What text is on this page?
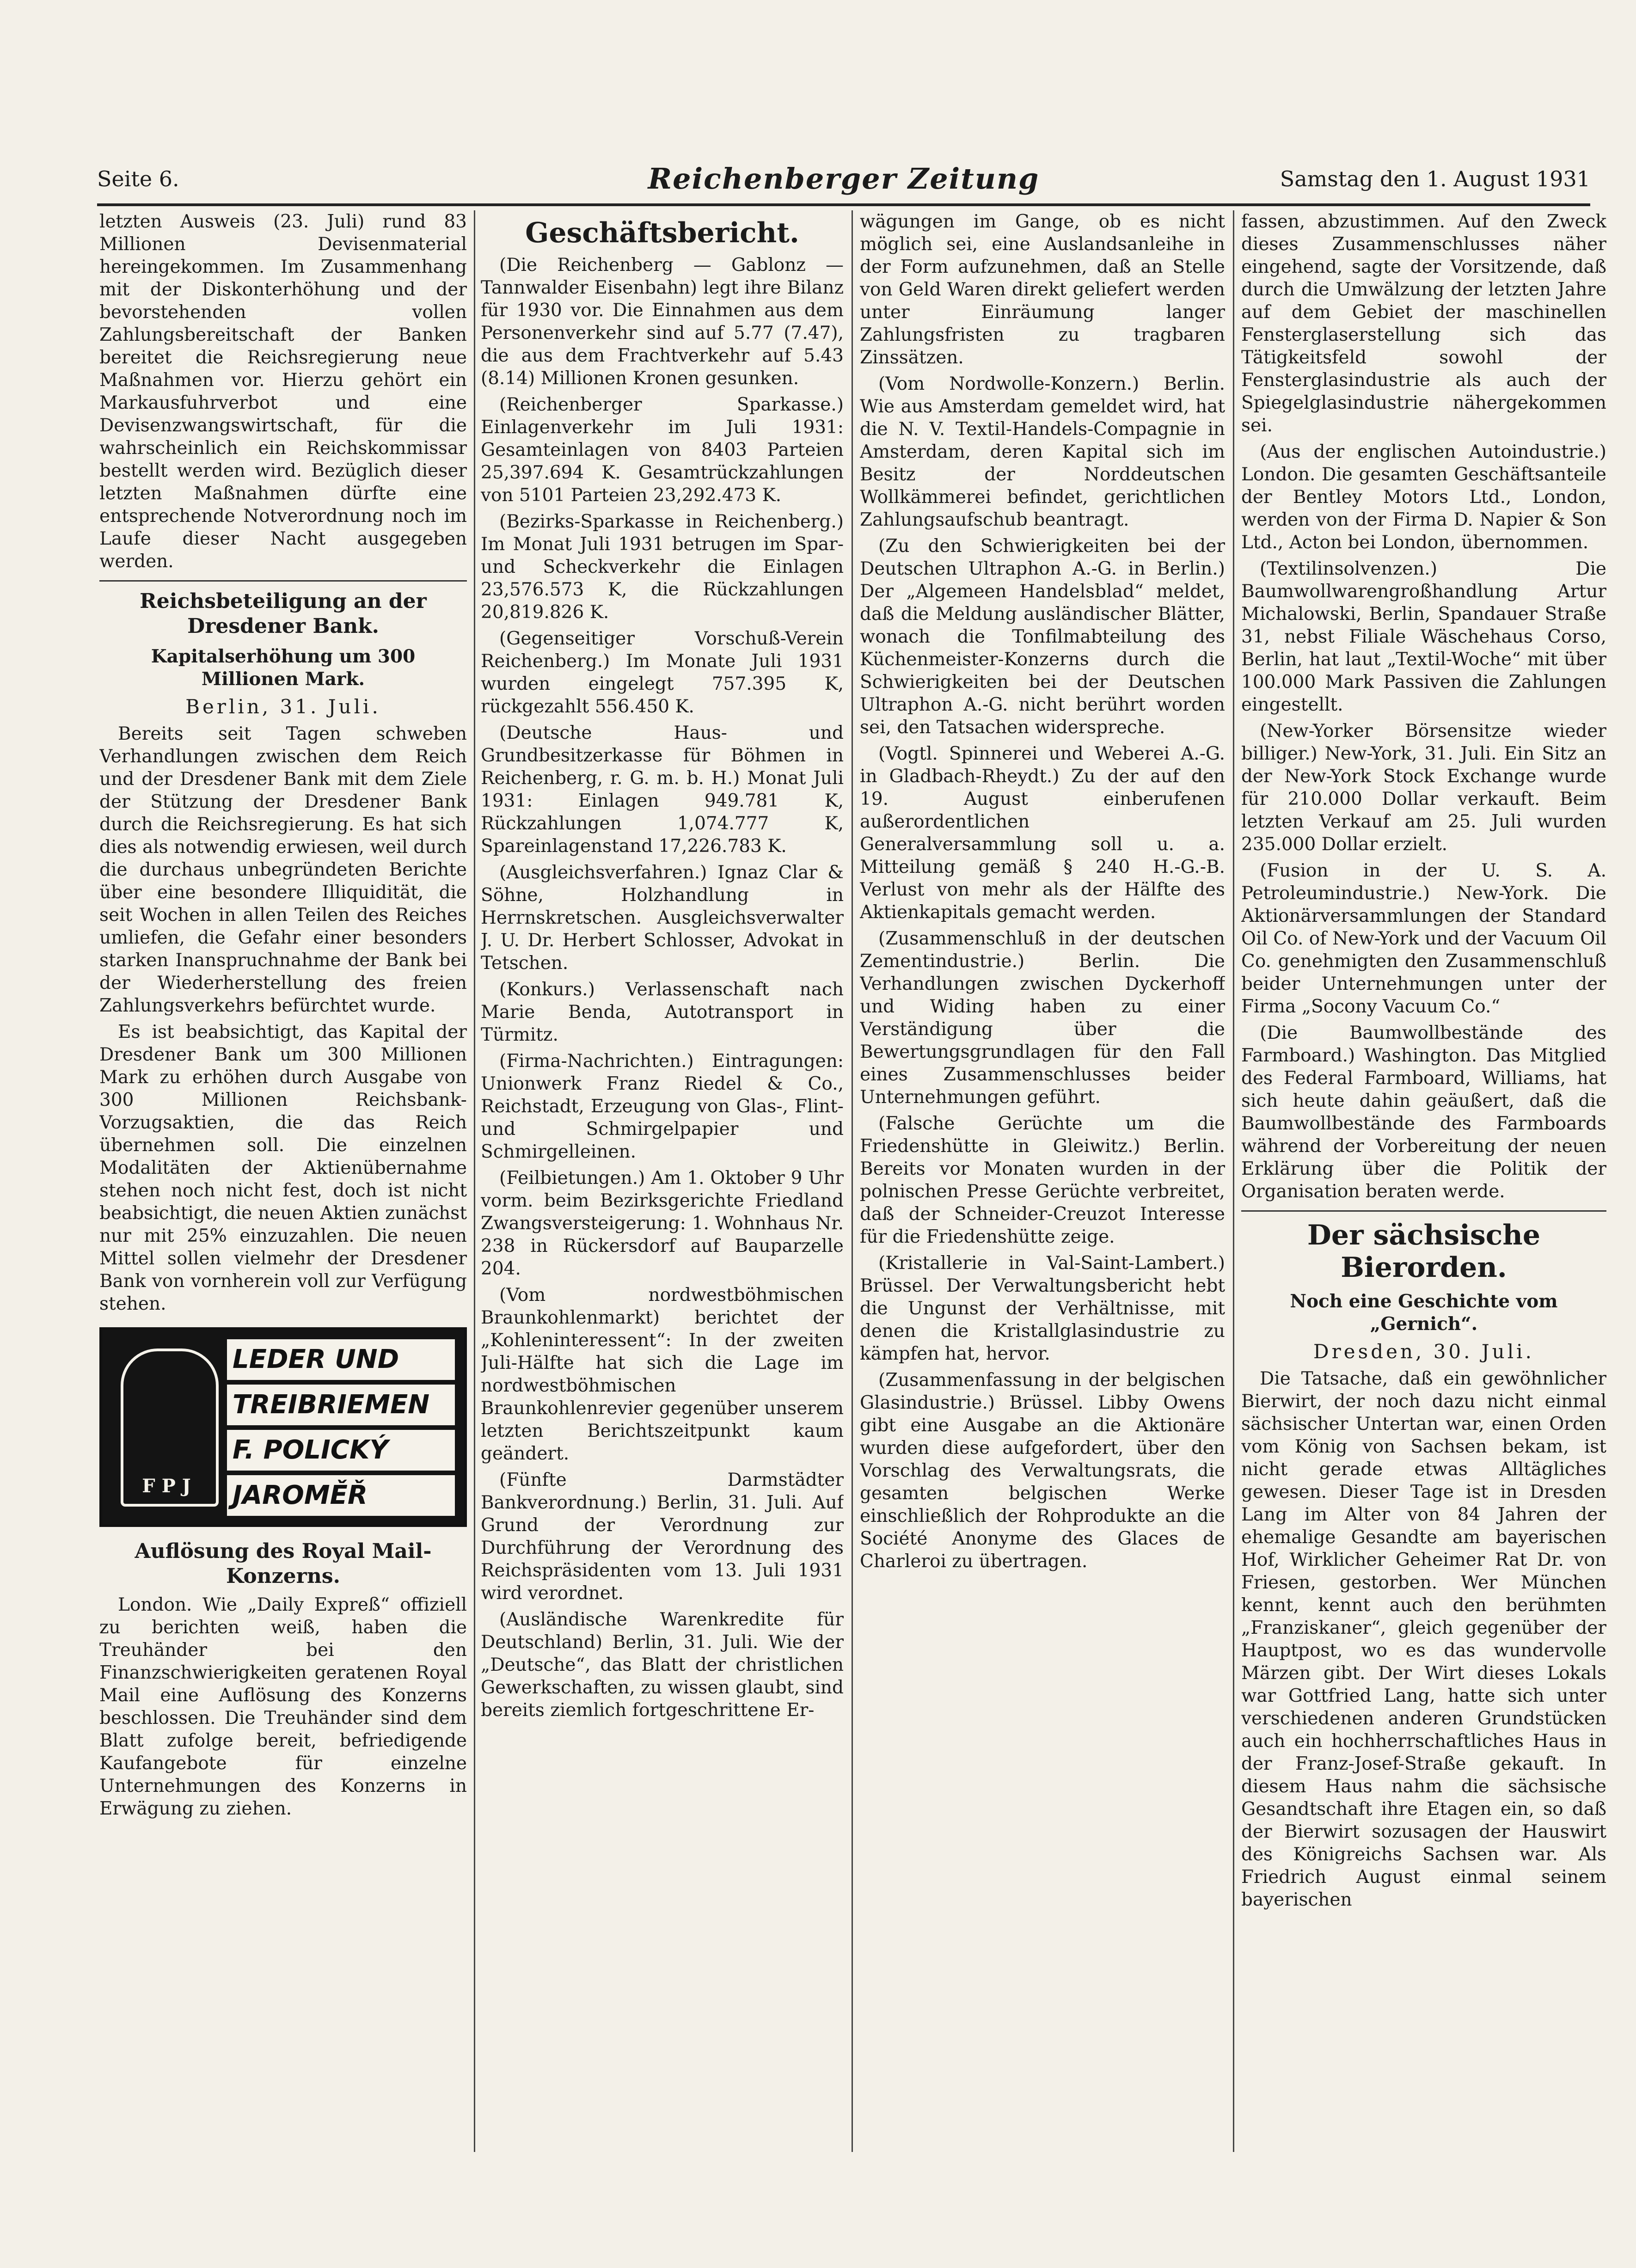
Seite 6.	Reichenberger Zeitung	Samstag den 1. August 1931

letzten Ausweis (23. Juli) rund 83 Millionen Devisenmaterial hereingekommen. Im Zusammenhang mit der Diskonterhöhung und der bevorstehenden vollen Zahlungsbereitschaft der Banken bereitet die Reichsregierung neue Maßnahmen vor. Hierzu gehört ein Markausfuhrverbot und eine Devisenzwangswirtschaft, für die wahrscheinlich ein Reichskommissar bestellt werden wird. Bezüglich dieser letzten Maßnahmen dürfte eine entsprechende Notverordnung noch im Laufe dieser Nacht ausgegeben werden.

Reichsbeteiligung an der Dresdener Bank.
Kapitalserhöhung um 300 Millionen Mark.
Berlin, 31. Juli.

Bereits seit Tagen schweben Verhandlungen zwischen dem Reich und der Dresdener Bank mit dem Ziele der Stützung der Dresdener Bank durch die Reichsregierung. Es hat sich dies als notwendig erwiesen, weil durch die durchaus unbegründeten Berichte über eine besondere Illiquidität, die seit Wochen in allen Teilen des Reiches umliefen, die Gefahr einer besonders starken Inanspruchnahme der Bank bei der Wiederherstellung des freien Zahlungsverkehrs befürchtet wurde.

Es ist beabsichtigt, das Kapital der Dresdener Bank um 300 Millionen Mark zu erhöhen durch Ausgabe von 300 Millionen Reichsbank-Vorzugsaktien, die das Reich übernehmen soll. Die einzelnen Modalitäten der Aktienübernahme stehen noch nicht fest, doch ist nicht beabsichtigt, die neuen Aktien zunächst nur mit 25% einzuzahlen. Die neuen Mittel sollen vielmehr der Dresdener Bank von vornherein voll zur Verfügung stehen.

FPJ
LEDER UND
TREIBRIEMEN
F. POLICKÝ
JAROMĚŘ
Auflösung des Royal Mail-Konzerns.

London. Wie „Daily Expreß“ offiziell zu berichten weiß, haben die Treuhänder bei den Finanzschwierigkeiten geratenen Royal Mail eine Auflösung des Konzerns beschlossen. Die Treuhänder sind dem Blatt zufolge bereit, befriedigende Kaufangebote für einzelne Unternehmungen des Konzerns in Erwägung zu ziehen.

Geschäftsbericht.

(Die Reichenberg — Gablonz — Tannwalder Eisenbahn) legt ihre Bilanz für 1930 vor. Die Einnahmen aus dem Personenverkehr sind auf 5.77 (7.47), die aus dem Frachtverkehr auf 5.43 (8.14) Millionen Kronen gesunken.

(Reichenberger Sparkasse.) Einlagenverkehr im Juli 1931: Gesamteinlagen von 8403 Parteien 25,397.694 K. Gesamtrückzahlungen von 5101 Parteien 23,292.473 K.

(Bezirks-Sparkasse in Reichenberg.) Im Monat Juli 1931 betrugen im Spar- und Scheckverkehr die Einlagen 23,576.573 K, die Rückzahlungen 20,819.826 K.

(Gegenseitiger Vorschuß-Verein Reichenberg.) Im Monate Juli 1931 wurden eingelegt 757.395 K, rückgezahlt 556.450 K.

(Deutsche Haus- und Grundbesitzerkasse für Böhmen in Reichenberg, r. G. m. b. H.) Monat Juli 1931: Einlagen 949.781 K, Rückzahlungen 1,074.777 K, Spareinlagenstand 17,226.783 K.

(Ausgleichsverfahren.) Ignaz Clar & Söhne, Holzhandlung in Herrnskretschen. Ausgleichsverwalter J. U. Dr. Herbert Schlosser, Advokat in Tetschen.

(Konkurs.) Verlassenschaft nach Marie Benda, Autotransport in Türmitz.

(Firma-Nachrichten.) Eintragungen: Unionwerk Franz Riedel & Co., Reichstadt, Erzeugung von Glas-, Flint- und Schmirgelpapier und Schmirgelleinen.

(Feilbietungen.) Am 1. Oktober 9 Uhr vorm. beim Bezirksgerichte Friedland Zwangsversteigerung: 1. Wohnhaus Nr. 238 in Rückersdorf auf Bauparzelle 204.

(Vom nordwestböhmischen Braunkohlenmarkt) berichtet der „Kohleninteressent“: In der zweiten Juli-Hälfte hat sich die Lage im nordwestböhmischen Braunkohlenrevier gegenüber unserem letzten Berichtszeitpunkt kaum geändert.

(Fünfte Darmstädter Bankverordnung.) Berlin, 31. Juli. Auf Grund der Verordnung zur Durchführung der Verordnung des Reichspräsidenten vom 13. Juli 1931 wird verordnet.

(Ausländische Warenkredite für Deutschland) Berlin, 31. Juli. Wie der „Deutsche“, das Blatt der christlichen Gewerkschaften, zu wissen glaubt, sind bereits ziemlich fortgeschrittene Er-

wägungen im Gange, ob es nicht möglich sei, eine Auslandsanleihe in der Form aufzunehmen, daß an Stelle von Geld Waren direkt geliefert werden unter Einräumung langer Zahlungsfristen zu tragbaren Zinssätzen.

(Vom Nordwolle-Konzern.) Berlin. Wie aus Amsterdam gemeldet wird, hat die N. V. Textil-Handels-Compagnie in Amsterdam, deren Kapital sich im Besitz der Norddeutschen Wollkämmerei befindet, gerichtlichen Zahlungsaufschub beantragt.

(Zu den Schwierigkeiten bei der Deutschen Ultraphon A.-G. in Berlin.) Der „Algemeen Handelsblad“ meldet, daß die Meldung ausländischer Blätter, wonach die Tonfilmabteilung des Küchenmeister-Konzerns durch die Schwierigkeiten bei der Deutschen Ultraphon A.-G. nicht berührt worden sei, den Tatsachen widerspreche.

(Vogtl. Spinnerei und Weberei A.-G. in Gladbach-Rheydt.) Zu der auf den 19. August einberufenen außerordentlichen Generalversammlung soll u. a. Mitteilung gemäß § 240 H.-G.-B. Verlust von mehr als der Hälfte des Aktienkapitals gemacht werden.

(Zusammenschluß in der deutschen Zementindustrie.) Berlin. Die Verhandlungen zwischen Dyckerhoff und Widing haben zu einer Verständigung über die Bewertungsgrundlagen für den Fall eines Zusammenschlusses beider Unternehmungen geführt.

(Falsche Gerüchte um die Friedenshütte in Gleiwitz.) Berlin. Bereits vor Monaten wurden in der polnischen Presse Gerüchte verbreitet, daß der Schneider-Creuzot Interesse für die Friedenshütte zeige.

(Kristallerie in Val-Saint-Lambert.) Brüssel. Der Verwaltungsbericht hebt die Ungunst der Verhältnisse, mit denen die Kristallglasindustrie zu kämpfen hat, hervor.

(Zusammenfassung in der belgischen Glasindustrie.) Brüssel. Libby Owens gibt eine Ausgabe an die Aktionäre wurden diese aufgefordert, über den Vorschlag des Verwaltungsrats, die gesamten belgischen Werke einschließlich der Rohprodukte an die Société Anonyme des Glaces de Charleroi zu übertragen.

fassen, abzustimmen. Auf den Zweck dieses Zusammenschlusses näher eingehend, sagte der Vorsitzende, daß durch die Umwälzung der letzten Jahre auf dem Gebiet der maschinellen Fensterglaserstellung sich das Tätigkeitsfeld sowohl der Fensterglasindustrie als auch der Spiegelglasindustrie nähergekommen sei.

(Aus der englischen Autoindustrie.) London. Die gesamten Geschäftsanteile der Bentley Motors Ltd., London, werden von der Firma D. Napier & Son Ltd., Acton bei London, übernommen.

(Textilinsolvenzen.) Die Baumwollwarengroßhandlung Artur Michalowski, Berlin, Spandauer Straße 31, nebst Filiale Wäschehaus Corso, Berlin, hat laut „Textil-Woche“ mit über 100.000 Mark Passiven die Zahlungen eingestellt.

(New-Yorker Börsensitze wieder billiger.) New-York, 31. Juli. Ein Sitz an der New-York Stock Exchange wurde für 210.000 Dollar verkauft. Beim letzten Verkauf am 25. Juli wurden 235.000 Dollar erzielt.

(Fusion in der U. S. A. Petroleumindustrie.) New-York. Die Aktionärversammlungen der Standard Oil Co. of New-York und der Vacuum Oil Co. genehmigten den Zusammenschluß beider Unternehmungen unter der Firma „Socony Vacuum Co.“

(Die Baumwollbestände des Farmboard.) Washington. Das Mitglied des Federal Farmboard, Williams, hat sich heute dahin geäußert, daß die Baumwollbestände des Farmboards während der Vorbereitung der neuen Erklärung über die Politik der Organisation beraten werde.

Der sächsische Bierorden.
Noch eine Geschichte vom „Gernich“.
Dresden, 30. Juli.

Die Tatsache, daß ein gewöhnlicher Bierwirt, der noch dazu nicht einmal sächsischer Untertan war, einen Orden vom König von Sachsen bekam, ist nicht gerade etwas Alltägliches gewesen. Dieser Tage ist in Dresden Lang im Alter von 84 Jahren der ehemalige Gesandte am bayerischen Hof, Wirklicher Geheimer Rat Dr. von Friesen, gestorben. Wer München kennt, kennt auch den berühmten „Franziskaner“, gleich gegenüber der Hauptpost, wo es das wundervolle Märzen gibt. Der Wirt dieses Lokals war Gottfried Lang, hatte sich unter verschiedenen anderen Grundstücken auch ein hochherrschaftliches Haus in der Franz-Josef-Straße gekauft. In diesem Haus nahm die sächsische Gesandtschaft ihre Etagen ein, so daß der Bierwirt sozusagen der Hauswirt des Königreichs Sachsen war. Als Friedrich August einmal seinem bayerischen
